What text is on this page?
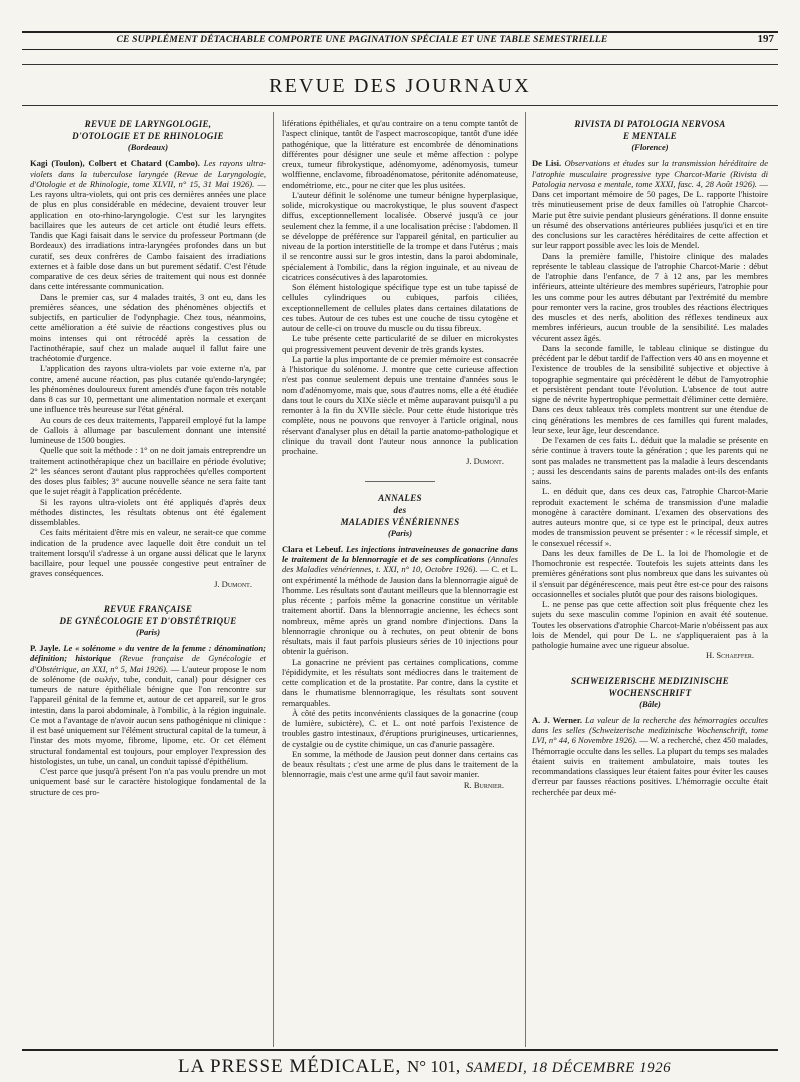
CE SUPPLÉMENT DÉTACHABLE COMPORTE UNE PAGINATION SPÉCIALE ET UNE TABLE SEMESTRIELLE	197
REVUE DES JOURNAUX
REVUE DE LARYNGOLOGIE,
D'OTOLOGIE ET DE RHINOLOGIE
(Bordeaux)

Kagi (Toulon), Colbert et Chatard (Cambo). Les rayons ultra-violets dans la tuberculose laryngée (Revue de Laryngologie, d'Otologie et de Rhinologie, tome XLVII, n° 15, 31 Mai 1926). — Les rayons ultra-violets, qui ont pris ces dernières années une place de plus en plus considérable en médecine, devaient trouver leur application en oto-rhino-laryngologie. C'est sur les laryngites bacillaires que les auteurs de cet article ont étudié leurs effets. Tandis que Kagi faisait dans le service du professeur Portmann (de Bordeaux) des irradiations intra-laryngées profondes dans un but curatif, ses deux confrères de Cambo faisaient des irradiations externes et à faible dose dans un but purement sédatif. C'est l'étude comparative de ces deux séries de traitement qui nous est donnée dans cette intéressante communication.

Dans le premier cas, sur 4 malades traités, 3 ont eu, dans les premières séances, une sédation des phénomènes objectifs et subjectifs, en particulier de l'odynphagie. Chez tous, néanmoins, cette amélioration a été suivie de réactions congestives plus ou moins intenses qui ont rétrocédé après la cessation de l'actinothérapie, sauf chez un malade auquel il fallut faire une trachéotomie d'urgence.

L'application des rayons ultra-violets par voie externe n'a, par contre, amené aucune réaction, pas plus cutanée qu'endo-laryngée; les phénomènes douloureux furent amendés d'une façon très notable dans 8 cas sur 10, permettant une alimentation normale et exerçant une influence très heureuse sur l'état général.

Au cours de ces deux traitements, l'appareil employé fut la lampe de Gallois à allumage par basculement donnant une intensité lumineuse de 1500 bougies.

Quelle que soit la méthode : 1° on ne doit jamais entreprendre un traitement actinothérapique chez un bacillaire en période évolutive; 2° les séances seront d'autant plus rapprochées qu'elles comportent des doses plus faibles; 3° aucune nouvelle séance ne sera faite tant que le sujet réagit à l'application précédente.

Si les rayons ultra-violets ont été appliqués d'après deux méthodes distinctes, les résultats obtenus ont été également dissemblables.

Ces faits méritaient d'être mis en valeur, ne serait-ce que comme indication de la prudence avec laquelle doit être conduit un tel traitement lorsqu'il s'adresse à un organe aussi délicat que le larynx bacillaire, pour lequel une poussée congestive peut entraîner de graves conséquences.

J. Dumont.
REVUE FRANÇAISE
DE GYNÉCOLOGIE ET D'OBSTÉTRIQUE
(Paris)

P. Jayle. Le « solénome » du ventre de la femme : dénomination; définition; historique (Revue française de Gynécologie et d'Obstétrique, an XXI, n° 5, Mai 1926). — L'auteur propose le nom de solénome (de σωλήν, tube, conduit, canal) pour désigner ces tumeurs de nature épithéliale bénigne que l'on rencontre sur l'appareil génital de la femme et, autour de cet appareil, sur le gros intestin, dans la paroi abdominale, à l'ombilic, à la région inguinale. Ce mot a l'avantage de n'avoir aucun sens pathogénique ni clinique : il est basé uniquement sur l'élément structural capital de la tumeur, à l'instar des mots myome, fibrome, lipome, etc. Or cet élément structural fondamental est toujours, pour employer l'expression des histologistes, un tube, un canal, un conduit tapissé d'épithélium.

C'est parce que jusqu'à présent l'on n'a pas voulu prendre un mot uniquement basé sur le caractère histologique fondamental de la structure de ces pro-

liférations épithéliales, et qu'au contraire on a tenu compte tantôt de l'aspect clinique, tantôt de l'aspect macroscopique, tantôt d'une idée pathogénique, que la littérature est encombrée de dénominations différentes pour désigner une seule et même affection : polype creux, tumeur fibrokystique, adénomyome, adénomyosis, tumeur wolffienne, enclavome, fibroadénomatose, péritonite adénomateuse, endométriome, etc., pour ne citer que les plus usitées.

L'auteur définit le solénome une tumeur bénigne hyperplasique, solide, microkystique ou macrokystique, le plus souvent d'aspect diffus, exceptionnellement localisée. Observé jusqu'à ce jour seulement chez la femme, il a une localisation précise : l'abdomen. Il se développe de préférence sur l'appareil génital, en particulier au niveau de la portion interstitielle de la trompe et dans l'utérus ; mais il se rencontre aussi sur le gros intestin, dans la paroi abdominale, spécialement à l'ombilic, dans la région inguinale, et au niveau de cicatrices consécutives à des laparotomies.

Son élément histologique spécifique type est un tube tapissé de cellules cylindriques ou cubiques, parfois ciliées, exceptionnellement de cellules plates dans certaines dilatations de ces tubes. Autour de ces tubes est une couche de tissu cytogène et autour de celle-ci on trouve du muscle ou du tissu fibreux.

Le tube présente cette particularité de se diluer en microkystes qui progressivement peuvent devenir de très grands kystes.

La partie la plus importante de ce premier mémoire est consacrée à l'historique du solénome. J. montre que cette curieuse affection n'est pas connue seulement depuis une trentaine d'années sous le nom d'adénomyome, mais que, sous d'autres noms, elle a été étudiée dans tout le cours du XIXe siècle et même auparavant puisqu'il a pu remonter à la fin du XVIIe siècle. Pour cette étude historique très complète, nous ne pouvons que renvoyer à l'article original, nous réservant d'analyser plus en détail la partie anatomo-pathologique et clinique du travail dont l'auteur nous annonce la publication prochaine.

J. Dumont.
ANNALES
des
MALADIES VÉNÉRIENNES
(Paris)

Clara et Lebeuf. Les injections intraveineuses de gonacrine dans le traitement de la blennorragie et de ses complications (Annales des Maladies vénériennes, t. XXI, n° 10, Octobre 1926). — C. et L. ont expérimenté la méthode de Jausion dans la blennorragie aiguë de l'homme. Les résultats sont d'autant meilleurs que la blennorragie est plus récente ; parfois même la gonacrine constitue un véritable traitement abortif. Dans la blennorragie ancienne, les échecs sont nombreux, même après un grand nombre d'injections. Dans la blennorragie chronique ou à rechutes, on peut obtenir de bons résultats, mais il faut parfois plusieurs séries de 10 injections pour obtenir la guérison.

La gonacrine ne prévient pas certaines complications, comme l'épididymite, et les résultats sont médiocres dans le traitement de cette complication et de la prostatite. Par contre, dans la cystite et dans le rhumatisme blennorragique, les résultats sont souvent remarquables.

À côté des petits inconvénients classiques de la gonacrine (coup de lumière, subictère), C. et L. ont noté parfois l'existence de troubles gastro intestinaux, d'éruptions prurigineuses, urticariennes, de cystalgie ou de cystite chimique, un cas d'anurie passagère.

En somme, la méthode de Jausion peut donner dans certains cas de beaux résultats ; c'est une arme de plus dans le traitement de la blennorragie, mais c'est une arme qu'il faut savoir manier.

R. Burnier.
RIVISTA DI PATOLOGIA NERVOSA
E MENTALE
(Florence)

De Lisi. Observations et études sur la transmission héréditaire de l'atrophie musculaire progressive type Charcot-Marie (Rivista di Patologia nervosa e mentale, tome XXXI, fasc. 4, 28 Août 1926). — Dans cet important mémoire de 50 pages, De L. rapporte l'histoire très minutieusement prise de deux familles où l'atrophie Charcot-Marie put être suivie pendant plusieurs générations. Il donne ensuite un résumé des observations antérieures publiées jusqu'ici et en tire des conclusions sur les caractères héréditaires de cette affection et sur leur rapport possible avec les lois de Mendel.

Dans la première famille, l'histoire clinique des malades représente le tableau classique de l'atrophie Charcot-Marie : début de l'atrophie dans l'enfance, de 7 à 12 ans, par les membres inférieurs, atteinte ultérieure des membres supérieurs, l'atrophie pour les uns comme pour les autres débutant par l'extrémité du membre pour remonter vers la racine, gros troubles des réactions électriques des muscles et des nerfs, abolition des réflexes tendineux aux membres inférieurs, aucun trouble de la sensibilité. Les malades vécurent assez âgés.

Dans la seconde famille, le tableau clinique se distingue du précédent par le début tardif de l'affection vers 40 ans en moyenne et l'existence de troubles de la sensibilité subjective et objective à topographie segmentaire qui précèdèrent le début de l'amyotrophie et persistèrent pendant toute l'évolution. L'absence de tout autre signe de névrite hypertrophique permettait d'éliminer cette dernière. Dans ces deux tableaux très complets montrent sur une étendue de cinq générations les membres de ces familles qui furent malades, leur sexe, leur âge, leur descendance.

De l'examen de ces faits L. déduit que la maladie se présente en série continue à travers toute la génération ; que les parents qui ne sont pas malades ne transmettent pas la maladie à leurs descendants ; aussi les descendants sains de parents malades ont-ils des enfants sains.

L. en déduit que, dans ces deux cas, l'atrophie Charcot-Marie reproduit exactement le schéma de transmission d'une maladie monogène à caractère dominant. L'examen des observations des autres auteurs montre que, si ce type est le principal, deux autres modes de transmission peuvent se présenter : « le récessif simple, et le consexuel récessif ».

Dans les deux familles de De L. la loi de l'homologie et de l'homochronie est respectée. Toutefois les sujets atteints dans les premières générations sont plus nombreux que dans les suivantes où il s'ensuit par dégénérescence, mais peut être est-ce pour des raisons occasionnelles et sociales plutôt que pour des raisons biologiques.

L. ne pense pas que cette affection soit plus fréquente chez les sujets du sexe masculin comme l'opinion en avait été soutenue. Toutes les observations d'atrophie Charcot-Marie n'obéissent pas aux lois de Mendel, qui pour De L. ne s'appliqueraient pas à la pathologie humaine avec une rigueur absolue.

H. Schaeffer.
SCHWEIZERISCHE MEDIZINISCHE
WOCHENSCHRIFT
(Bâle)

A. J. Werner. La valeur de la recherche des hémorragies occultes dans les selles (Schweizerische medizinische Wochenschrift, tome LVI, n° 44, 6 Novembre 1926). — W. a recherché, chez 450 malades, l'hémorragie occulte dans les selles. La plupart du temps ses malades étaient suivis en traitement ambulatoire, mais toutes les recommandations classiques leur étaient faites pour éviter les causes d'erreur par fausses réactions positives. L'hémorragie occulte était recherchée par deux mé-

LA PRESSE MÉDICALE, N° 101, SAMEDI, 18 DÉCEMBRE 1926
